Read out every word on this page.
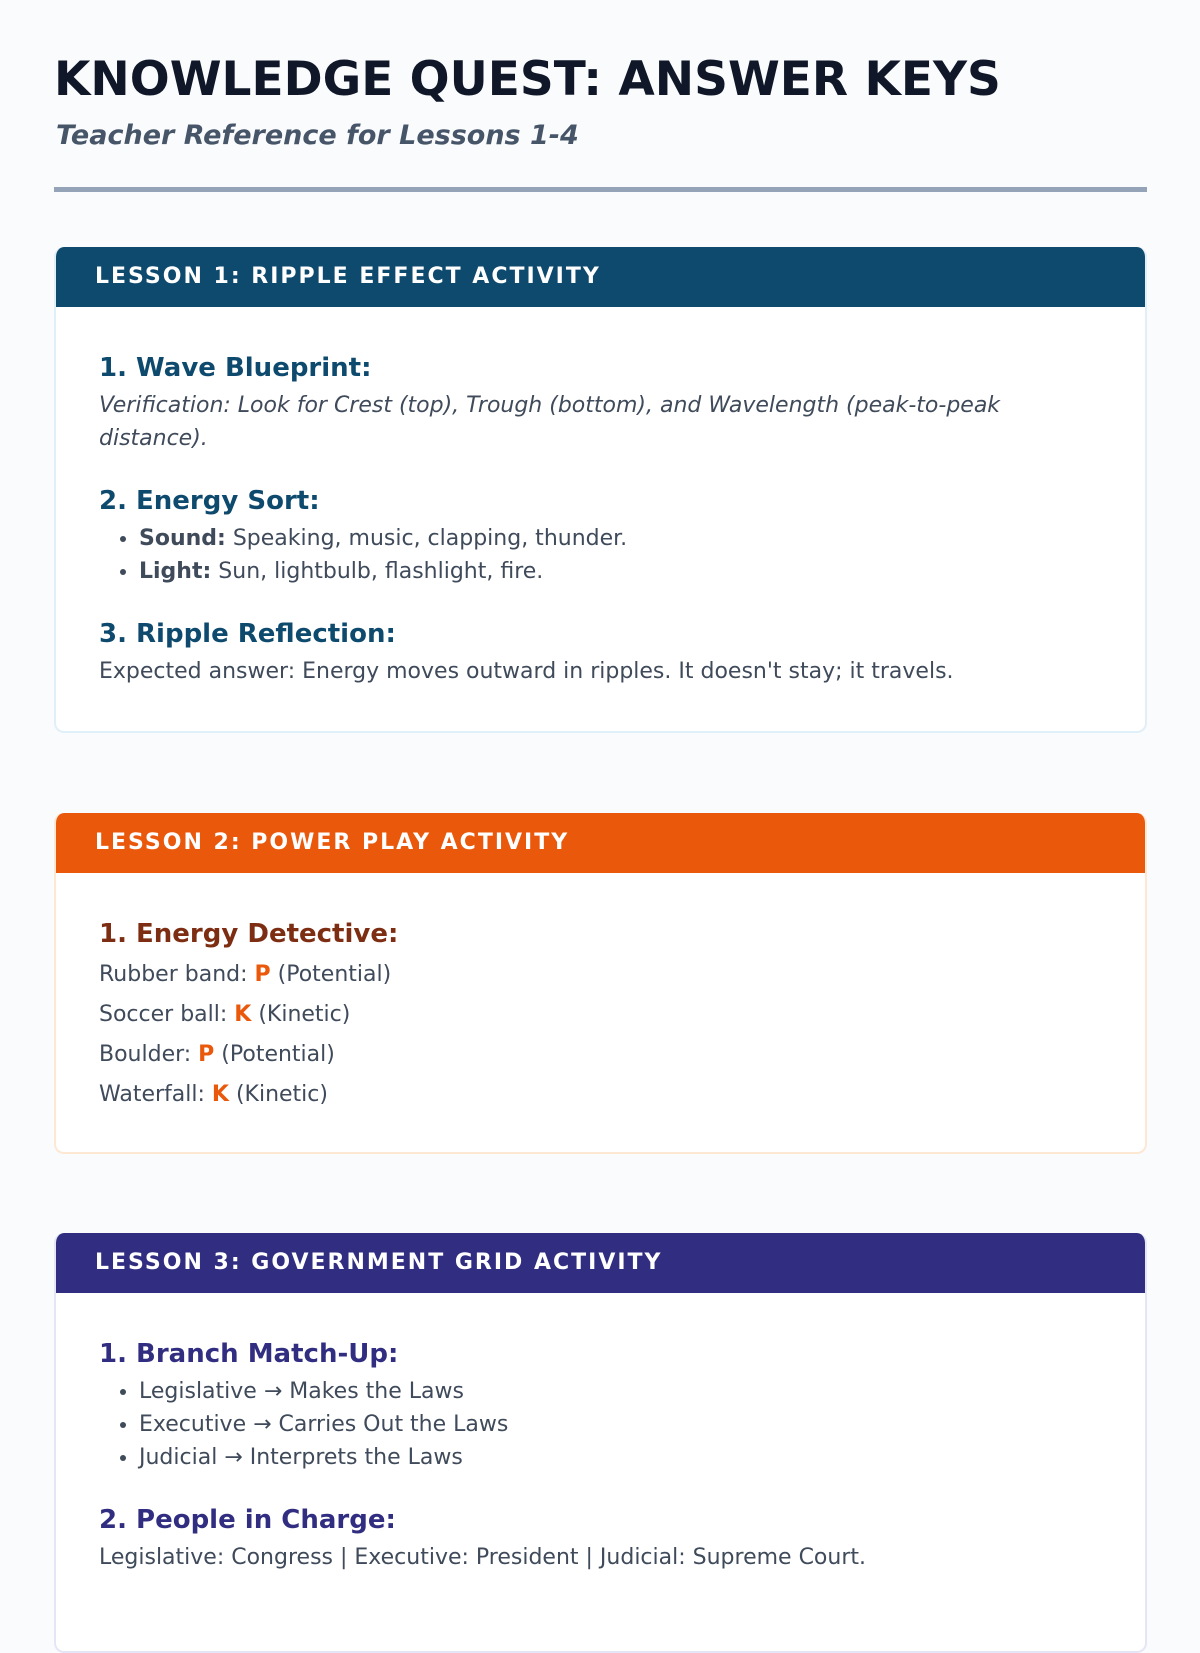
KNOWLEDGE QUEST: ANSWER KEYS
Teacher Reference for Lessons 1-4
LESSON 1: RIPPLE EFFECT ACTIVITY
1. Wave Blueprint:

Verification: Look for Crest (top), Trough (bottom), and Wavelength (peak-to-peak distance).

2. Energy Sort:
• Sound: Speaking, music, clapping, thunder.
• Light: Sun, lightbulb, flashlight, fire.
3. Ripple Reflection:

Expected answer: Energy moves outward in ripples. It doesn't stay; it travels.

LESSON 2: POWER PLAY ACTIVITY
1. Energy Detective:
Rubber band: P (Potential)
Soccer ball: K (Kinetic)
Boulder: P (Potential)
Waterfall: K (Kinetic)
LESSON 3: GOVERNMENT GRID ACTIVITY
1. Branch Match-Up:
• Legislative → Makes the Laws
• Executive → Carries Out the Laws
• Judicial → Interprets the Laws
2. People in Charge:

Legislative: Congress | Executive: President | Judicial: Supreme Court.
